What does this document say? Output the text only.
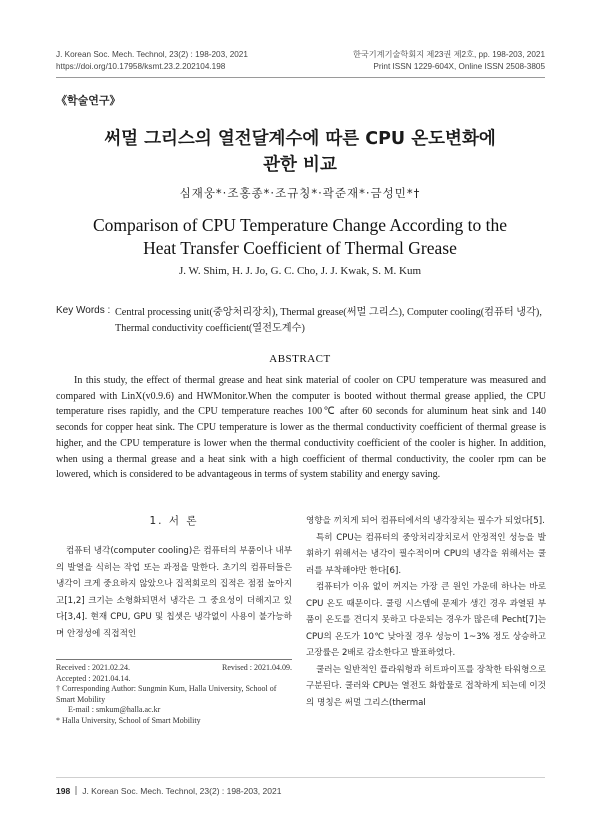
J. Korean Soc. Mech. Technol, 23(2) : 198-203, 2021
https://doi.org/10.17958/ksmt.23.2.202104.198
한국기계기술학회지 제23권 제2호, pp. 198-203, 2021
Print ISSN 1229-604X, Online ISSN 2508-3805
《학술연구》
써멀 그리스의 열전달계수에 따른 CPU 온도변화에
관한 비교
심재웅*·조홍종*·조규칭*·곽준재*·금성민*†
Comparison of CPU Temperature Change According to the
Heat Transfer Coefficient of Thermal Grease
J. W. Shim, H. J. Jo, G. C. Cho, J. J. Kwak, S. M. Kum
Key Words : Central processing unit(중앙처리장치), Thermal grease(써멀 그리스), Computer cooling(컴퓨터 냉각),
Thermal conductivity coefficient(열전도계수)
ABSTRACT

In this study, the effect of thermal grease and heat sink material of cooler on CPU temperature was measured and compared with LinX(v0.9.6) and HWMonitor.When the computer is booted without thermal grease applied, the CPU temperature rises rapidly, and the CPU temperature reaches 100℃ after 60 seconds for aluminum heat sink and 140 seconds for copper heat sink. The CPU temperature is lower as the thermal conductivity coefficient of thermal grease is higher, and the CPU temperature is lower when the thermal conductivity coefficient of the cooler is higher. In addition, when using a thermal grease and a heat sink with a high coefficient of thermal conductivity, the cooler rpm can be lowered, which is considered to be advantageous in terms of system stability and energy saving.

1. 서 론

컴퓨터 냉각(computer cooling)은 컴퓨터의 부품이나 내부의 발열을 식히는 작업 또는 과정을 말한다. 초기의 컴퓨터들은 냉각이 크게 중요하지 않았으나 집적회로의 집적은 점점 높아지고[1,2] 크기는 소형화되면서 냉각은 그 중요성이 더해지고 있다[3,4]. 현재 CPU, GPU 및 칩셋은 냉각없이 사용이 불가능하며 안정성에 직접적인

Received : 2021.02.24.	Revised : 2021.04.09.
Accepted : 2021.04.14.
† Corresponding Author: Sungmin Kum, Halla University, School of Smart Mobility
E-mail : smkum@halla.ac.kr
* Halla University, School of Smart Mobility

영향을 끼치게 되어 컴퓨터에서의 냉각장치는 필수가 되었다[5].

특히 CPU는 컴퓨터의 중앙처리장치로서 안정적인 성능을 발휘하기 위해서는 냉각이 필수적이며 CPU의 냉각을 위해서는 쿨러를 부착해야만 한다[6].

컴퓨터가 이유 없이 꺼지는 가장 큰 원인 가운데 하나는 바로 CPU 온도 때문이다. 쿨링 시스템에 문제가 생긴 경우 과열된 부품이 온도를 견디지 못하고 다운되는 경우가 많은데 Pecht[7]는 CPU의 온도가 10℃ 낮아질 경우 성능이 1~3% 정도 상승하고 고장률은 2배로 감소한다고 발표하였다.

쿨러는 일반적인 플라워형과 히트파이프를 장착한 타워형으로 구분된다. 쿨러와 CPU는 열전도 화합물로 접착하게 되는데 이것의 명칭은 써멀 그리스(thermal

198 J. Korean Soc. Mech. Technol, 23(2) : 198-203, 2021
